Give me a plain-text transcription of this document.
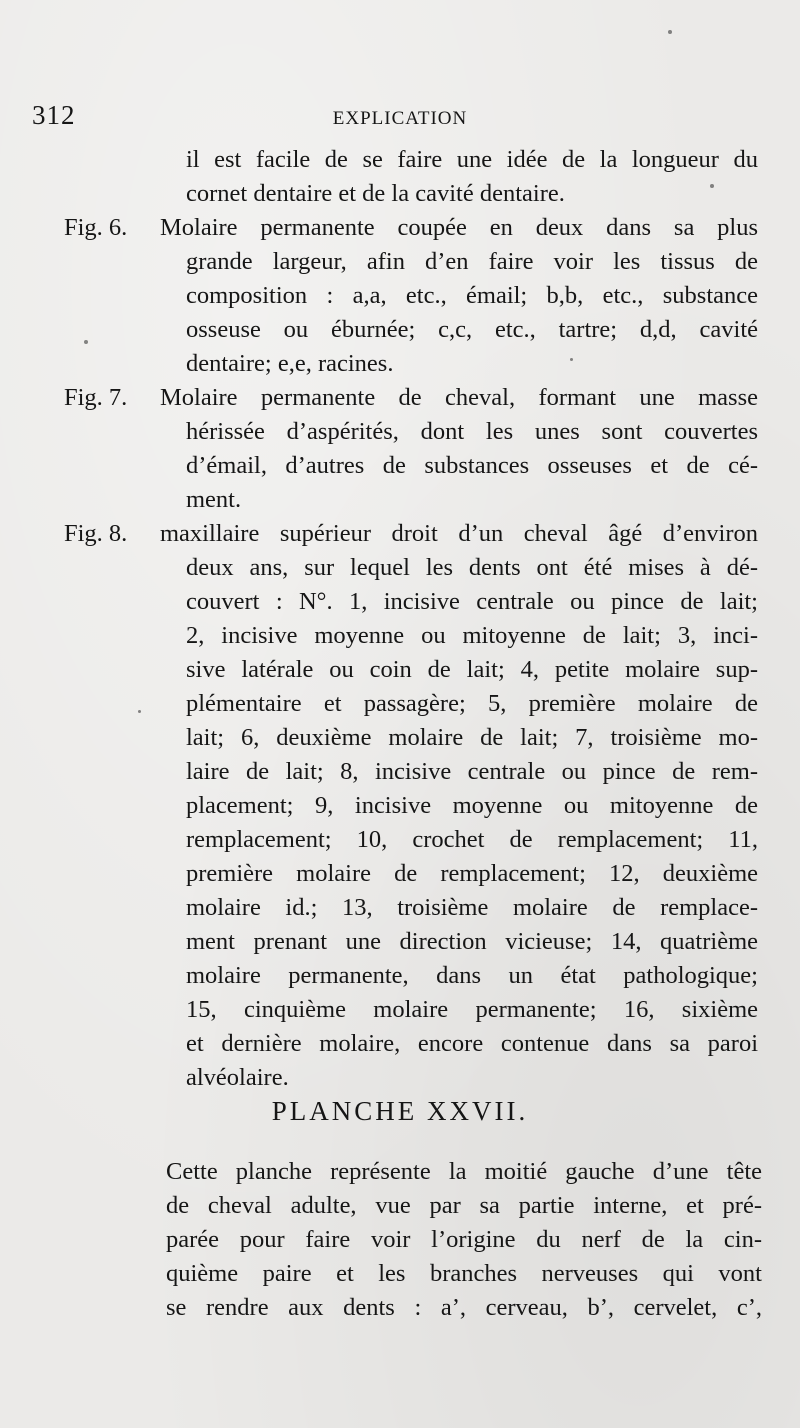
312	EXPLICATION
il est facile de se faire une idée de la longueur du
cornet dentaire et de la cavité dentaire.
Fig. 6. Molaire permanente coupée en deux dans sa plus
grande largeur, afin d’en faire voir les tissus de
composition : a,a, etc., émail; b,b, etc., substance
osseuse ou éburnée; c,c, etc., tartre; d,d, cavité
dentaire; e,e, racines.
Fig. 7. Molaire permanente de cheval, formant une masse
hérissée d’aspérités, dont les unes sont couvertes
d’émail, d’autres de substances osseuses et de cé-
ment.
Fig. 8. maxillaire supérieur droit d’un cheval âgé d’environ
deux ans, sur lequel les dents ont été mises à dé-
couvert : N°. 1, incisive centrale ou pince de lait;
2, incisive moyenne ou mitoyenne de lait; 3, inci-
sive latérale ou coin de lait; 4, petite molaire sup-
plémentaire et passagère; 5, première molaire de
lait; 6, deuxième molaire de lait; 7, troisième mo-
laire de lait; 8, incisive centrale ou pince de rem-
placement; 9, incisive moyenne ou mitoyenne de
remplacement; 10, crochet de remplacement; 11,
première molaire de remplacement; 12, deuxième
molaire id.; 13, troisième molaire de remplace-
ment prenant une direction vicieuse; 14, quatrième
molaire permanente, dans un état pathologique;
15, cinquième molaire permanente; 16, sixième
et dernière molaire, encore contenue dans sa paroi
alvéolaire.
PLANCHE XXVII.
Cette planche représente la moitié gauche d’une tête
de cheval adulte, vue par sa partie interne, et pré-
parée pour faire voir l’origine du nerf de la cin-
quième paire et les branches nerveuses qui vont
se rendre aux dents : a’, cerveau, b’, cervelet, c’,
